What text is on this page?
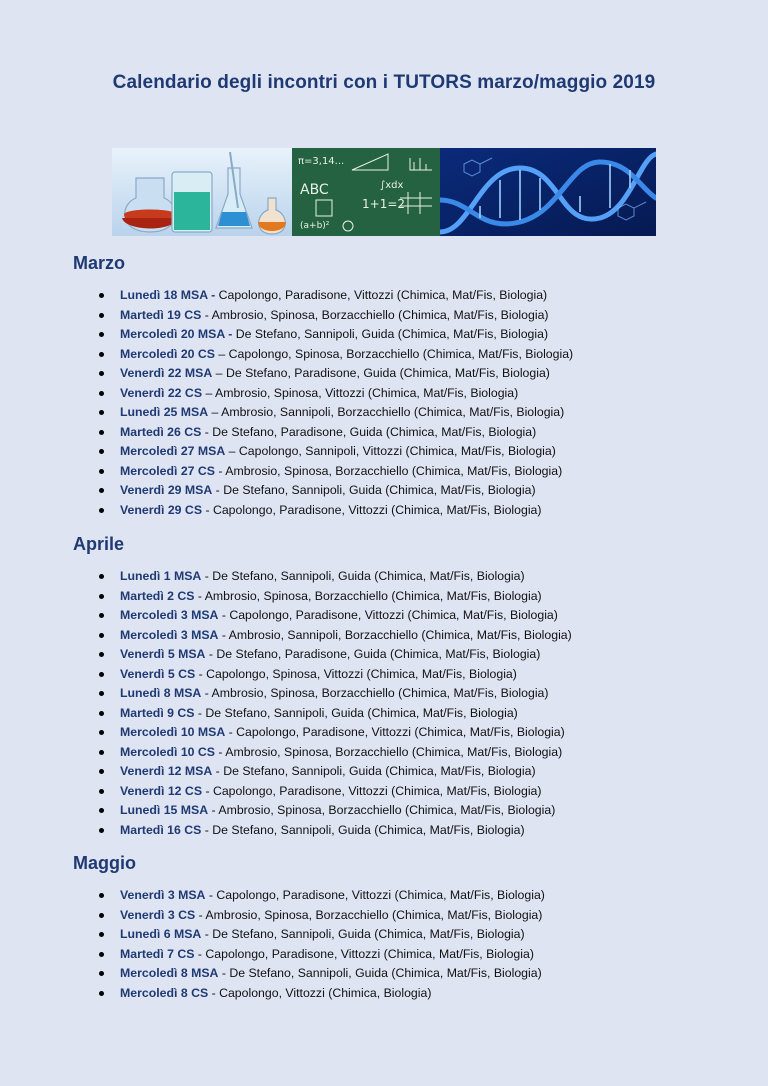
Calendario degli incontri con i TUTORS marzo/maggio 2019
π=3,14...
ABC
1+1=2
∫xdx
(a+b)²
Marzo
Lunedì 18 MSA - Capolongo, Paradisone, Vittozzi (Chimica, Mat/Fis, Biologia)
Martedì 19 CS - Ambrosio, Spinosa, Borzacchiello (Chimica, Mat/Fis, Biologia)
Mercoledì 20 MSA - De Stefano, Sannipoli, Guida (Chimica, Mat/Fis, Biologia)
Mercoledì 20 CS – Capolongo, Spinosa, Borzacchiello (Chimica, Mat/Fis, Biologia)
Venerdì 22 MSA – De Stefano, Paradisone, Guida (Chimica, Mat/Fis, Biologia)
Venerdì 22 CS – Ambrosio, Spinosa, Vittozzi (Chimica, Mat/Fis, Biologia)
Lunedì 25 MSA – Ambrosio, Sannipoli, Borzacchiello (Chimica, Mat/Fis, Biologia)
Martedì 26 CS - De Stefano, Paradisone, Guida (Chimica, Mat/Fis, Biologia)
Mercoledì 27 MSA – Capolongo, Sannipoli, Vittozzi (Chimica, Mat/Fis, Biologia)
Mercoledì 27 CS - Ambrosio, Spinosa, Borzacchiello (Chimica, Mat/Fis, Biologia)
Venerdì 29 MSA - De Stefano, Sannipoli, Guida (Chimica, Mat/Fis, Biologia)
Venerdì 29 CS - Capolongo, Paradisone, Vittozzi (Chimica, Mat/Fis, Biologia)
Aprile
Lunedì 1 MSA - De Stefano, Sannipoli, Guida (Chimica, Mat/Fis, Biologia)
Martedì 2 CS - Ambrosio, Spinosa, Borzacchiello (Chimica, Mat/Fis, Biologia)
Mercoledì 3 MSA - Capolongo, Paradisone, Vittozzi (Chimica, Mat/Fis, Biologia)
Mercoledì 3 MSA - Ambrosio, Sannipoli, Borzacchiello (Chimica, Mat/Fis, Biologia)
Venerdì 5 MSA - De Stefano, Paradisone, Guida (Chimica, Mat/Fis, Biologia)
Venerdì 5 CS - Capolongo, Spinosa, Vittozzi (Chimica, Mat/Fis, Biologia)
Lunedì 8 MSA - Ambrosio, Spinosa, Borzacchiello (Chimica, Mat/Fis, Biologia)
Martedì 9 CS - De Stefano, Sannipoli, Guida (Chimica, Mat/Fis, Biologia)
Mercoledì 10 MSA - Capolongo, Paradisone, Vittozzi (Chimica, Mat/Fis, Biologia)
Mercoledì 10 CS - Ambrosio, Spinosa, Borzacchiello (Chimica, Mat/Fis, Biologia)
Venerdì 12 MSA - De Stefano, Sannipoli, Guida (Chimica, Mat/Fis, Biologia)
Venerdì 12 CS - Capolongo, Paradisone, Vittozzi (Chimica, Mat/Fis, Biologia)
Lunedì 15 MSA - Ambrosio, Spinosa, Borzacchiello (Chimica, Mat/Fis, Biologia)
Martedì 16 CS - De Stefano, Sannipoli, Guida (Chimica, Mat/Fis, Biologia)
Maggio
Venerdì 3 MSA - Capolongo, Paradisone, Vittozzi (Chimica, Mat/Fis, Biologia)
Venerdì 3 CS - Ambrosio, Spinosa, Borzacchiello (Chimica, Mat/Fis, Biologia)
Lunedì 6 MSA - De Stefano, Sannipoli, Guida (Chimica, Mat/Fis, Biologia)
Martedì 7 CS - Capolongo, Paradisone, Vittozzi (Chimica, Mat/Fis, Biologia)
Mercoledì 8 MSA - De Stefano, Sannipoli, Guida (Chimica, Mat/Fis, Biologia)
Mercoledì 8 CS - Capolongo, Vittozzi (Chimica, Biologia)
